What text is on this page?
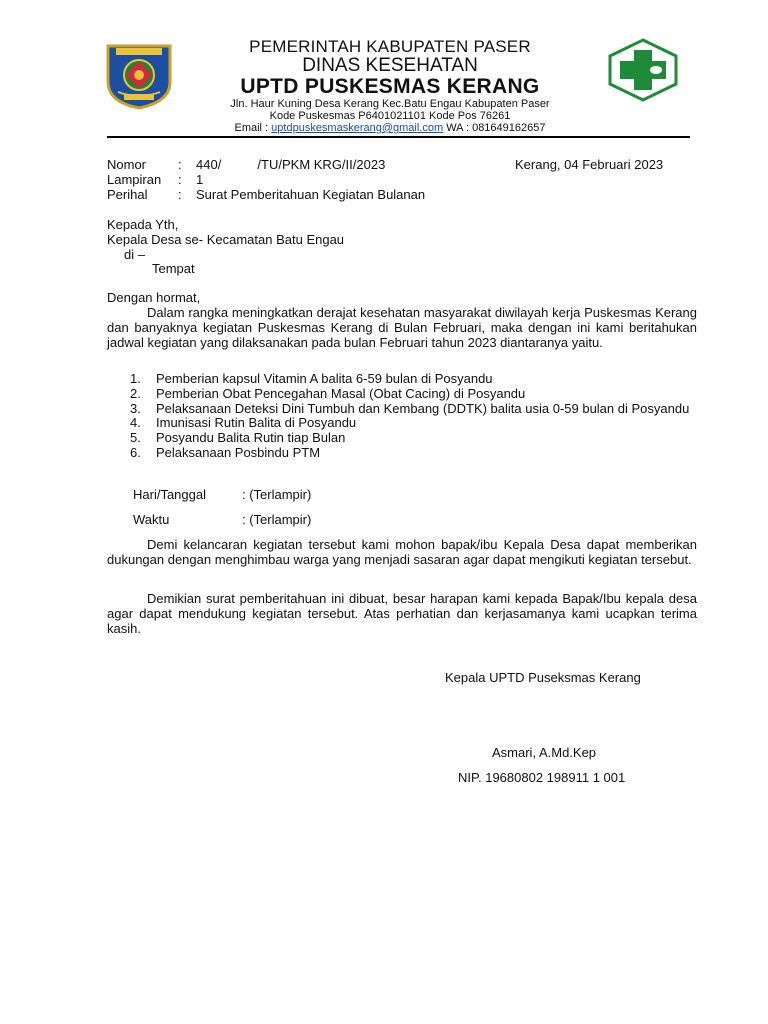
PEMERINTAH KABUPATEN PASER
DINAS KESEHATAN
UPTD PUSKESMAS KERANG
Jln. Haur Kuning Desa Kerang Kec.Batu Engau Kabupaten Paser
Kode Puskesmas P6401021101 Kode Pos 76261
Email : uptdpuskesmaskerang@gmail.com WA : 081649162657
Nomor : 440/          /TU/PKM KRG/II/2023	Kerang, 04 Februari 2023
Lampiran : 1
Perihal : Surat Pemberitahuan Kegiatan Bulanan
Kepada Yth,
Kepala Desa se- Kecamatan Batu Engau
di –
Tempat
Dengan hormat,
Dalam rangka meningkatkan derajat kesehatan masyarakat diwilayah kerja Puskesmas Kerang dan banyaknya kegiatan Puskesmas Kerang di Bulan Februari, maka dengan ini kami beritahukan jadwal kegiatan yang dilaksanakan pada bulan Februari tahun 2023 diantaranya yaitu.
1. Pemberian kapsul Vitamin A balita 6-59 bulan di Posyandu
2. Pemberian Obat Pencegahan Masal (Obat Cacing) di Posyandu
3. Pelaksanaan Deteksi Dini Tumbuh dan Kembang (DDTK) balita usia 0-59 bulan di Posyandu
4. Imunisasi Rutin Balita di Posyandu
5. Posyandu Balita Rutin tiap Bulan
6. Pelaksanaan Posbindu PTM
Hari/Tanggal	: (Terlampir)
Waktu	: (Terlampir)
Demi kelancaran kegiatan tersebut kami mohon bapak/ibu Kepala Desa dapat memberikan dukungan dengan menghimbau warga yang menjadi sasaran agar dapat mengikuti kegiatan tersebut.
Demikian surat pemberitahuan ini dibuat, besar harapan kami kepada Bapak/Ibu kepala desa agar dapat mendukung kegiatan tersebut. Atas perhatian dan kerjasamanya kami ucapkan terima kasih.
Kepala UPTD Puseksmas Kerang
Asmari, A.Md.Kep
NIP. 19680802 198911 1 001
